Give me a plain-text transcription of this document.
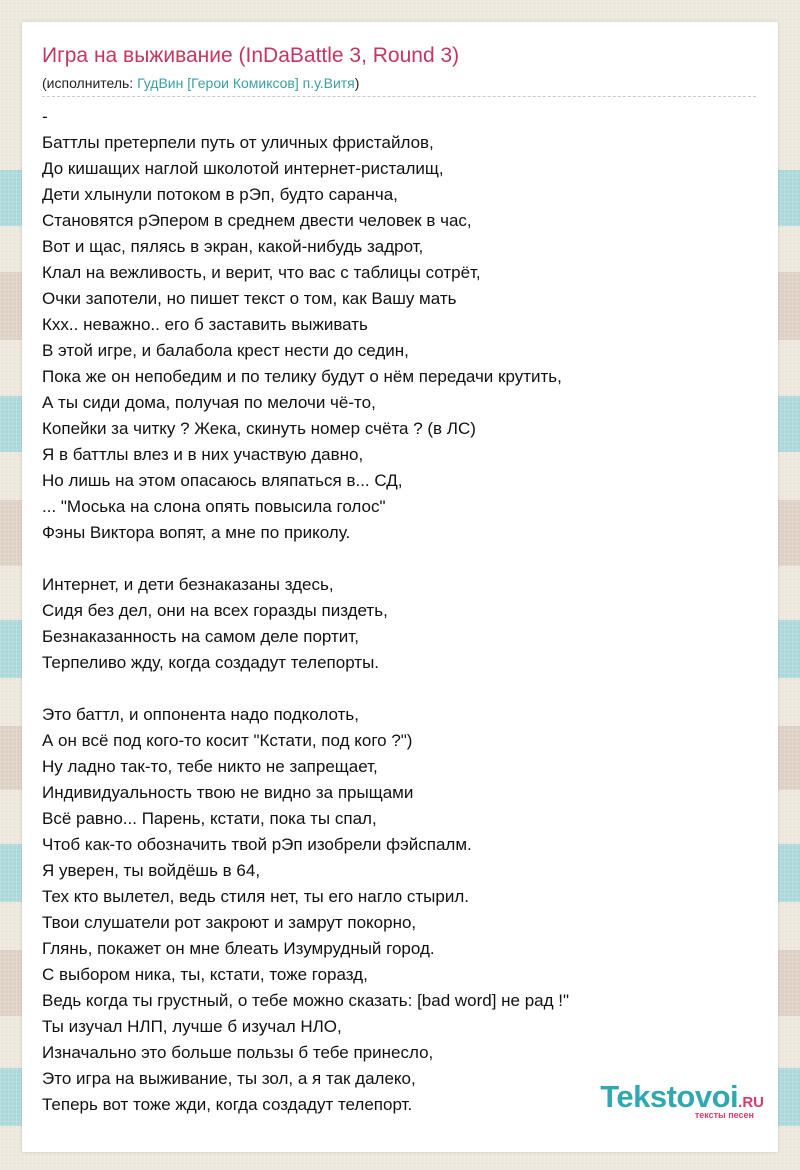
Игра на выживание (InDaBattle 3, Round 3)
(исполнитель: ГудВин [Герои Комиксов] п.у.Витя)
-
Баттлы претерпели путь от уличных фристайлов,
До кишащих наглой школотой интернет-ристалищ,
Дети хлынули потоком в рЭп, будто саранча,
Становятся рЭпером в среднем двести человек в час,
Вот и щас, пялясь в экран, какой-нибудь задрот,
Клал на вежливость, и верит, что вас с таблицы сотрёт,
Очки запотели, но пишет текст о том, как Вашу мать
Кхх.. неважно.. его б заставить выживать
В этой игре, и балабола крест нести до седин,
Пока же он непобедим и по телику будут о нём передачи крутить,
А ты сиди дома, получая по мелочи чё-то,
Копейки за читку ? Жека, скинуть номер счёта ? (в ЛС)
Я в баттлы влез и в них участвую давно,
Но лишь на этом опасаюсь вляпаться в... СД,
... "Моська на слона опять повысила голос"
Фэны Виктора вопят, а мне по приколу.
Интернет, и дети безнаказаны здесь,
Сидя без дел, они на всех горазды пиздеть,
Безнаказанность на самом деле портит,
Терпеливо жду, когда создадут телепорты.
Это баттл, и оппонента надо подколоть,
А он всё под кого-то косит "Кстати, под кого ?")
Ну ладно так-то, тебе никто не запрещает,
Индивидуальность твою не видно за прыщами
Всё равно... Парень, кстати, пока ты спал,
Чтоб как-то обозначить твой рЭп изобрели фэйспалм.
Я уверен, ты войдёшь в 64,
Тех кто вылетел, ведь стиля нет, ты его нагло стырил.
Твои слушатели рот закроют и замрут покорно,
Глянь, покажет он мне блеать Изумрудный город.
С выбором ника, ты, кстати, тоже горазд,
Ведь когда ты грустный, о тебе можно сказать: [bad word] не рад !"
Ты изучал НЛП, лучше б изучал НЛО,
Изначально это больше пользы б тебе принесло,
Это игра на выживание, ты зол, а я так далеко,
Теперь вот тоже жди, когда создадут телепорт.	Tekstovoi.RU
тексты песен
